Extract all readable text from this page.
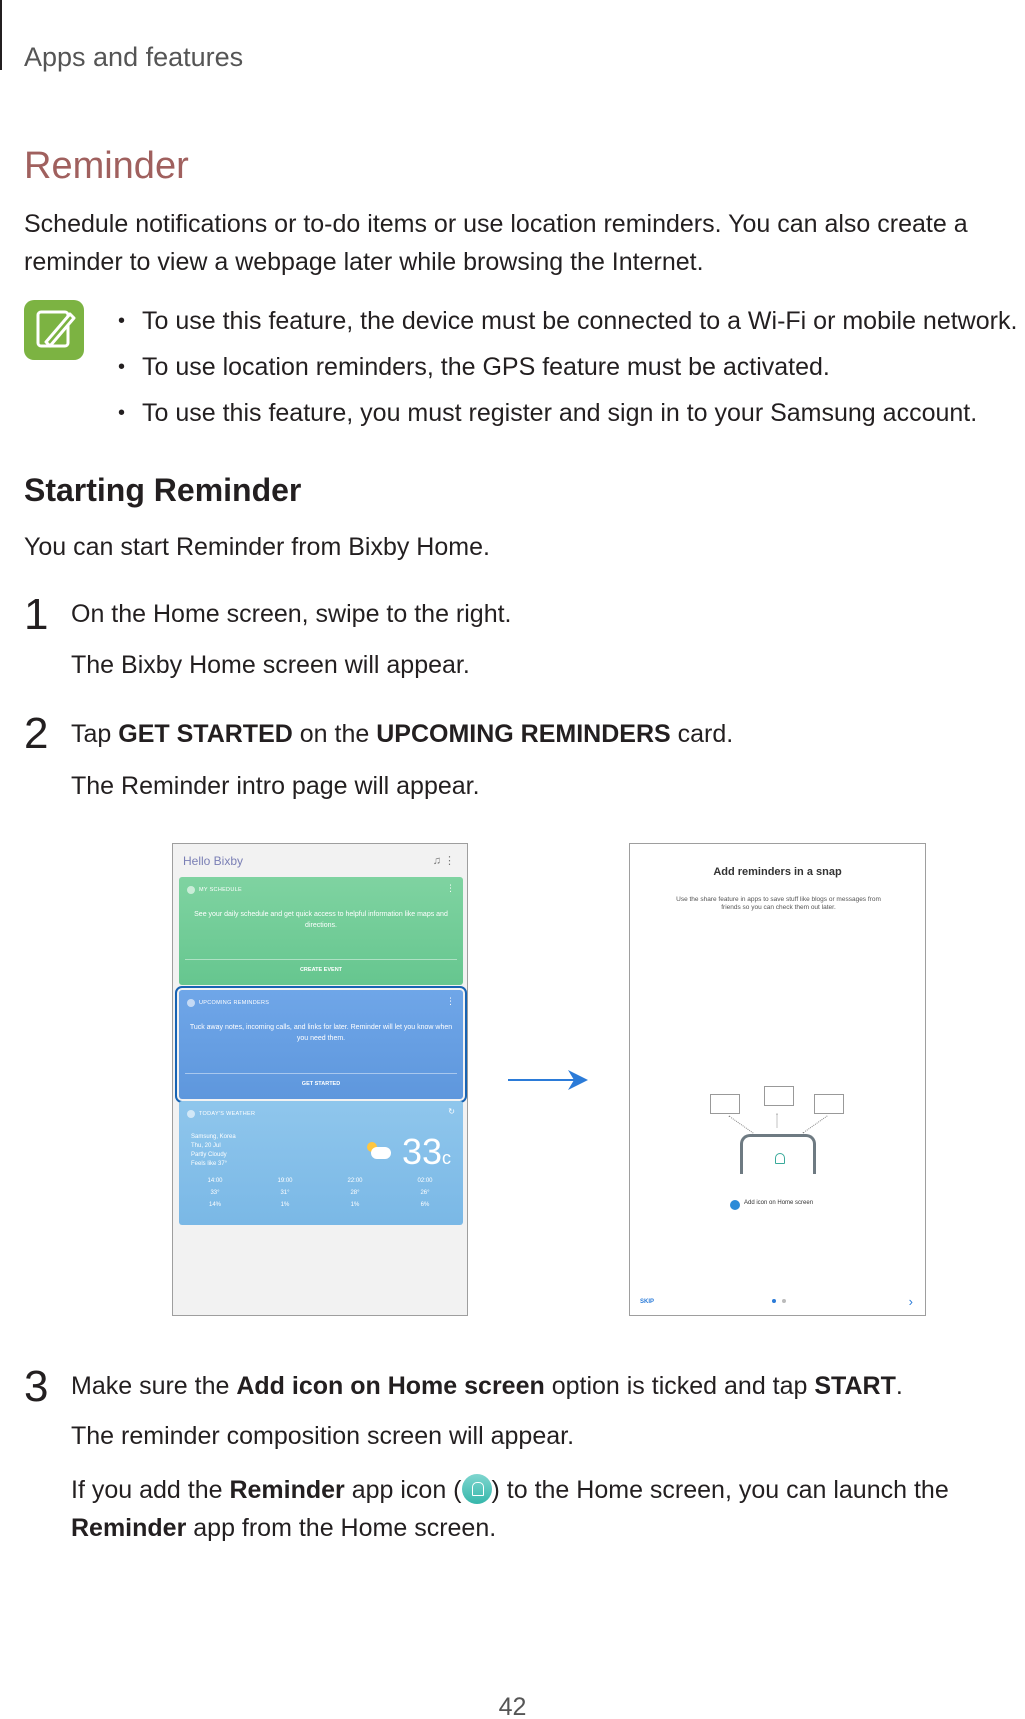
Apps and features
Reminder
Schedule notifications or to-do items or use location reminders. You can also create a reminder to view a webpage later while browsing the Internet.
• To use this feature, the device must be connected to a Wi-Fi or mobile network.
• To use location reminders, the GPS feature must be activated.
• To use this feature, you must register and sign in to your Samsung account.
Starting Reminder
You can start Reminder from Bixby Home.
1 On the Home screen, swipe to the right.
The Bixby Home screen will appear.
2 Tap GET STARTED on the UPCOMING REMINDERS card.
The Reminder intro page will appear.
Hello Bixby	♫ ⋮
MY SCHEDULE	⋮
See your daily schedule and get quick access to helpful information like maps and directions.
CREATE EVENT
UPCOMING REMINDERS	⋮
Tuck away notes, incoming calls, and links for later. Reminder will let you know when you need them.
GET STARTED
TODAY'S WEATHER	↻
Samsung, Korea
Thu, 20 Jul
Partly Cloudy
Feels like 37°	33c
14:00
33°
14%
19:00
31°
1%
22:00
28°
1%
02:00
26°
6%
Add reminders in a snap
Use the share feature in apps to save stuff like blogs or messages from friends so you can check them out later.
Add icon on Home screen
SKIP	›
3 Make sure the Add icon on Home screen option is ticked and tap START.
The reminder composition screen will appear.
If you add the Reminder app icon ( ) to the Home screen, you can launch the Reminder app from the Home screen.
42
